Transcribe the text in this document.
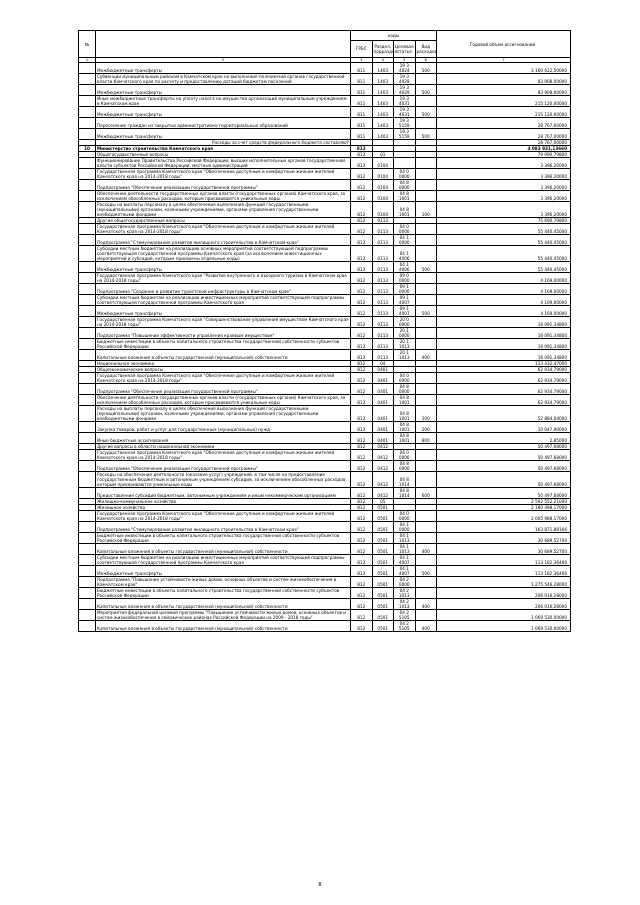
№		коды				Годовой объем ассигнований
		ГРБС	Раздел, подраздел	Целевая статья	Вид расходов	
1	2	3	4	5	6	7
	Межбюджетные трансферты	811	1403	19 3 4024	500	3 160 622,50000
	Субвенции муниципальным районам в Камчатском крае на выполнение полномочий органов государственной власти Камчатского края по расчету и предоставлению дотаций бюджетам поселений	811	1403	19 3 4029		83 908,00000
	Межбюджетные трансферты	811	1403	19 3 4029	500	83 908,00000
	Иные межбюджетные трансферты на уплату налога на имущество организаций муниципальным учреждениям в Камчатском крае	811	1403	19 3 4031		215 120,00000
	Межбюджетные трансферты	811	1403	19 3 4031	500	215 120,00000
	Переселение граждан из закрытых административно-территориальных образований	811	1403	19 3 5159		28 767,00000
	Межбюджетные трансферты	811	1403	19 3 5159	500	28 767,00000
	Расходы за счет средств федерального бюджета составляют					28 767,00000
10	Министерство строительства Камчатского края	812				4 083 931,13660
	Общегосударственные вопросы	812	01			79 090,79800
	Функционирование Правительства Российской Федерации, высших исполнительных органов государственной власти субъектов Российской Федерации, местных администраций	812	0104			3 396,20000
	Государственная программа Камчатского края "Обеспечение доступным и комфортным жильем жителей Камчатского края на 2014-2018 годы"	812	0104	04 0 0000		3 396,20000
	Подпрограмма "Обеспечение реализации государственной программы"	812	0104	04 8 0000		3 396,20000
	Обеспечение деятельности государственных органов власти (государственных органов) Камчатского края, за исключением обособленных расходов, которым присваиваются уникальные коды	812	0104	04 8 1001		3 396,20000
	Расходы на выплаты персоналу в целях обеспечения выполнения функций государственными (муниципальными) органами, казенными учреждениями, органами управления государственными внебюджетными фондами	812	0104	04 8 1001	100	3 396,20000
	Другие общегосударственные вопросы	812	0113			75 690,79800
	Государственная программа Камчатского края "Обеспечение доступным и комфортным жильем жителей Камчатского края на 2014-2018 годы"	812	0113	04 0 0000		55 440,45000
	Подпрограмма "Стимулирование развития жилищного строительства в Камчатском крае"	812	0113	04 1 0000		55 440,45000
	Субсидии местным бюджетам на реализацию основных мероприятий соответствующей подпрограммы соответствующей государственной программы Камчатского края (за исключением инвестиционных мероприятий и субсидий, которым присвоены отдельные коды)	812	0113	04 1 4006		55 440,45000
	Межбюджетные трансферты	812	0113	04 1 4006	500	55 440,45000
	Государственная программа Камчатского края "Развитие внутреннего и въездного туризма в Камчатском крае на 2014-2018 годы"	812	0113	09 0 0000		4 169,00000
	Подпрограмма "Создание и развитие туристской инфраструктуры в Камчатском крае"	812	0113	09 1 0000		4 169,00000
	Субсидии местным бюджетам на реализацию инвестиционных мероприятий соответствующей подпрограммы соответствующей государственной программы Камчатского края	812	0113	09 1 4007		4 169,00000
	Межбюджетные трансферты	812	0113	09 1 4007	500	4 169,00000
	Государственная программа Камчатского края "Совершенствование управления имуществом Камчатского края на 2014-2018 годы"	812	0113	20 0 0000		16 091,34800
	Подпрограмма "Повышение эффективности управления краевым имуществом"	812	0113	20 1 0000		16 091,34800
	Бюджетные инвестиции в объекты капитального строительства государственной собственности субъектов Российской Федерации	812	0113	20 1 1013		16 091,34800
	Капитальные вложения в объекты государственной (муниципальной) собственности	812	0113	20 1 1013	400	16 091,34800
	Национальная экономика	812	04			113 432,47000
	Общеэкономические вопросы	812	0401			62 934,79000
	Государственная программа Камчатского края "Обеспечение доступным и комфортным жильем жителей Камчатского края на 2014-2018 годы"	812	0401	04 0 0000		62 934,79000
	Подпрограмма "Обеспечение реализации государственной программы"	812	0401	04 8 0000		62 934,79000
	Обеспечение деятельности государственных органов власти (государственных органов) Камчатского края, за исключением обособленных расходов, которым присваиваются уникальные коды	812	0401	04 8 1001		62 934,79000
	Расходы на выплаты персоналу в целях обеспечения выполнения функций государственными (муниципальными) органами, казенными учреждениями, органами управления государственными внебюджетными фондами	812	0401	04 8 1001	100	52 884,04000
	Закупка товаров, работ и услуг для государственных (муниципальных) нужд	812	0401	04 8 1001	200	10 047,90000
	Иные бюджетные ассигнования	812	0401	04 8 1001	800	2,85000
	Другие вопросы в области национальной экономики	812	0412			50 497,68000
	Государственная программа Камчатского края "Обеспечение доступным и комфортным жильем жителей Камчатского края на 2014-2018 годы"	812	0412	04 0 0000		50 497,68000
	Подпрограмма "Обеспечение реализации государственной программы"	812	0412	04 8 0000		50 497,68000
	Расходы на обеспечение деятельности (оказание услуг) учреждений, в том числе на предоставление государственным бюджетным и автономным учреждениям субсидий, за исключением обособленных расходов, которым присваиваются уникальные коды	812	0412	04 8 1014		50 497,68000
	Предоставление субсидий бюджетным, автономным учреждениям и иным некоммерческим организациям	812	0412	04 8 1014	600	50 497,68000
	Жилищно-коммунальное хозяйство	812	05			2 592 552,21000
	Жилищное хозяйство	812	0501			2 180 498,17000
	Государственная программа Камчатского края "Обеспечение доступным и комфортным жильем жителей Камчатского края на 2014-2018 годы"	812	0501	04 0 0000		2 005 988,17000
	Подпрограмма "Стимулирование развития жилищного строительства в Камчатском крае"	812	0501	04 1 0000		163 871,89166
	Бюджетные инвестиции в объекты капитального строительства государственной собственности субъектов Российской Федерации	812	0501	04 1 1013		30 689,52700
	Капитальные вложения в объекты государственной (муниципальной) собственности	812	0501	04 1 1013	400	30 689,52700
	Субсидии местным бюджетам на реализацию инвестиционных мероприятий соответствующей подпрограммы соответствующей государственной программы Камчатского края	812	0501	04 1 4007		113 182,36466
	Межбюджетные трансферты	812	0501	04 1 4007	500	113 182,36466
	Подпрограмма "Повышение устойчивости жилых домов, основных объектов и систем жизнеобеспечения в Камчатском крае"	812	0501	04 2 0000		1 275 546,28000
	Бюджетные инвестиции в объекты капитального строительства государственной собственности субъектов Российской Федерации	812	0501	04 2 1013		206 016,28000
	Капитальные вложения в объекты государственной (муниципальной) собственности	812	0501	04 2 1013	400	206 016,28000
	Мероприятия федеральной целевой программы "Повышение устойчивости жилых домов, основных объектов и систем жизнеобеспечения в сейсмических районах Российской Федерации на 2009 - 2018 годы"	812	0501	04 2 5105		1 069 530,00000
	Капитальные вложения в объекты государственной (муниципальной) собственности	812	0501	04 2 5105	400	1 069 530,00000
8
